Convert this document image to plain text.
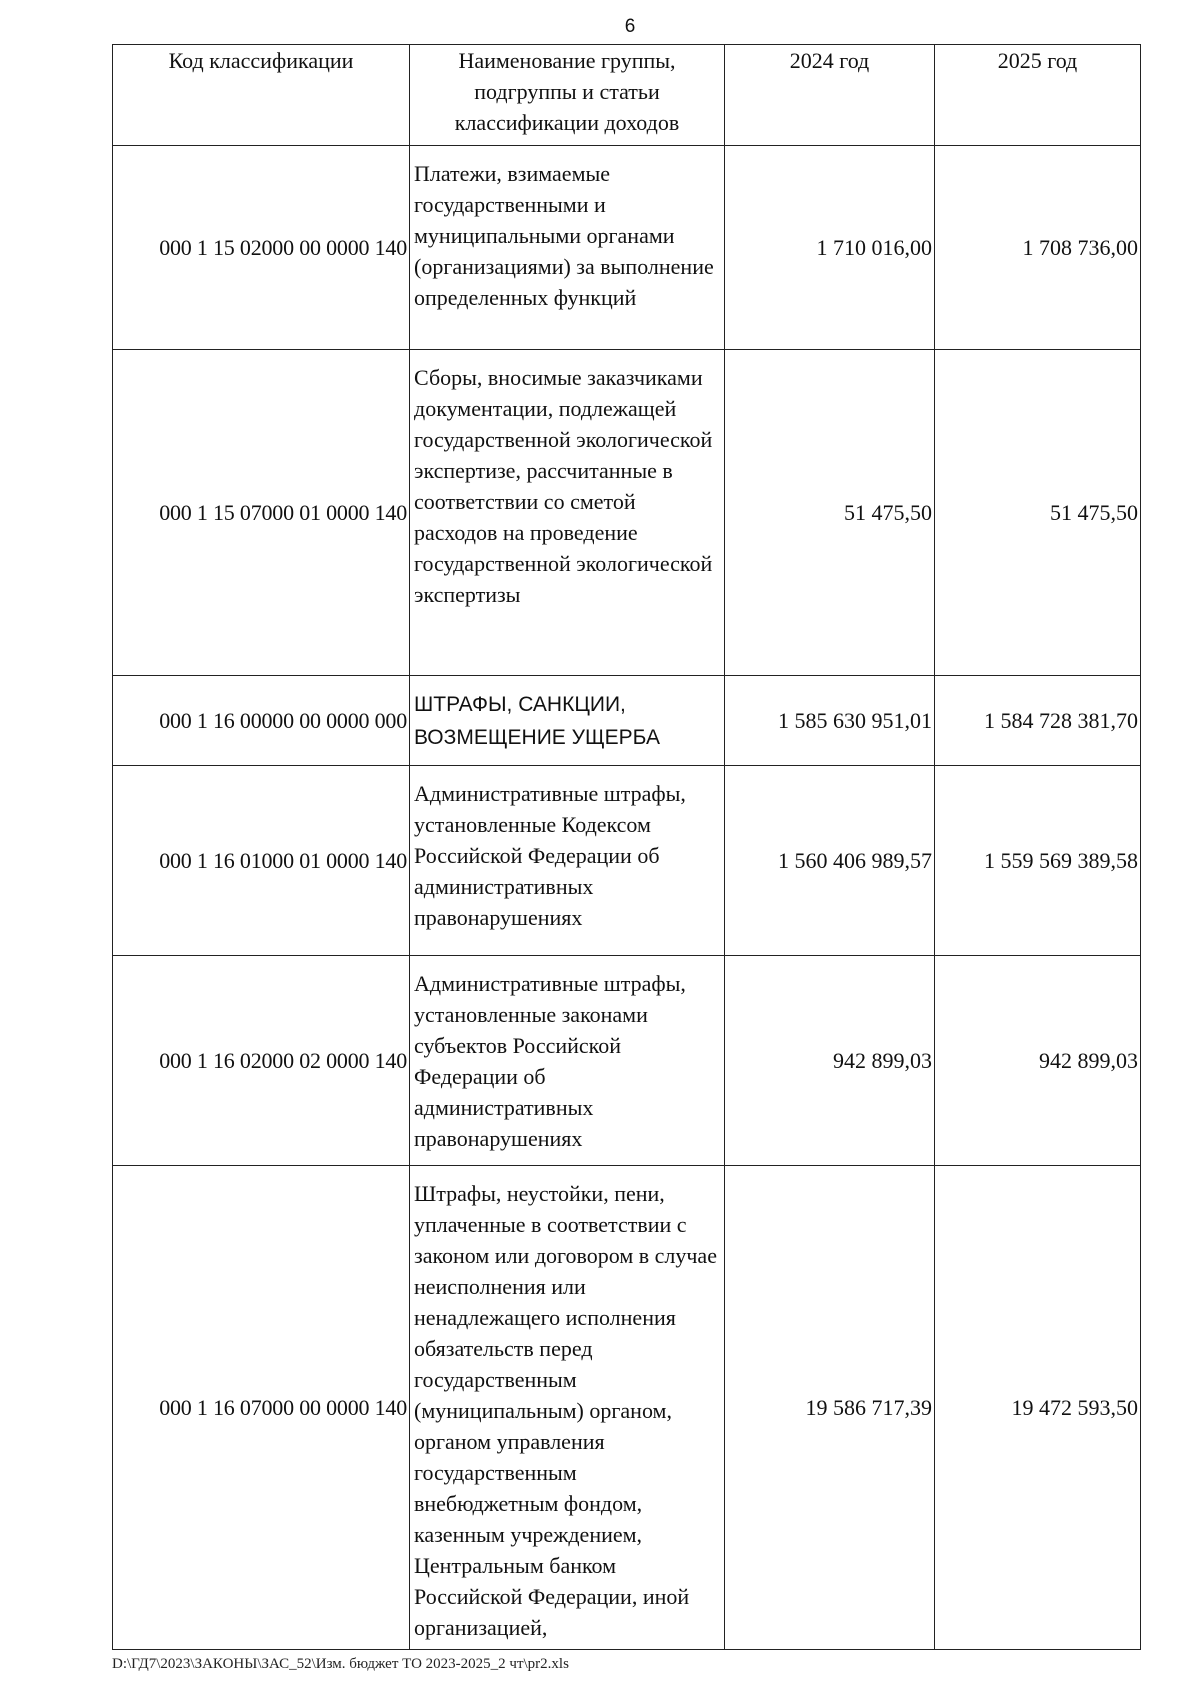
6
Код классификации	Наименование группы, подгруппы и статьи классификации доходов	2024 год	2025 год
000 1 15 02000 00 0000 140	Платежи, взимаемые государственными и муниципальными органами (организациями) за выполнение определенных функций	1 710 016,00	1 708 736,00
000 1 15 07000 01 0000 140	Сборы, вносимые заказчиками документации, подлежащей государственной экологической экспертизе, рассчитанные в соответствии со сметой расходов на проведение государственной экологической экспертизы	51 475,50	51 475,50
000 1 16 00000 00 0000 000	ШТРАФЫ, САНКЦИИ, ВОЗМЕЩЕНИЕ УЩЕРБА	1 585 630 951,01	1 584 728 381,70
000 1 16 01000 01 0000 140	Административные штрафы, установленные Кодексом Российской Федерации об административных правонарушениях	1 560 406 989,57	1 559 569 389,58
000 1 16 02000 02 0000 140	Административные штрафы, установленные законами субъектов Российской Федерации об административных правонарушениях	942 899,03	942 899,03
000 1 16 07000 00 0000 140	Штрафы, неустойки, пени, уплаченные в соответствии с законом или договором в случае неисполнения или ненадлежащего исполнения обязательств перед государственным (муниципальным) органом, органом управления государственным внебюджетным фондом, казенным учреждением, Центральным банком Российской Федерации, иной организацией,	19 586 717,39	19 472 593,50
D:\ГД7\2023\ЗАКОНЫ\ЗАС_52\Изм. бюджет ТО 2023-2025_2 чт\pr2.xls
